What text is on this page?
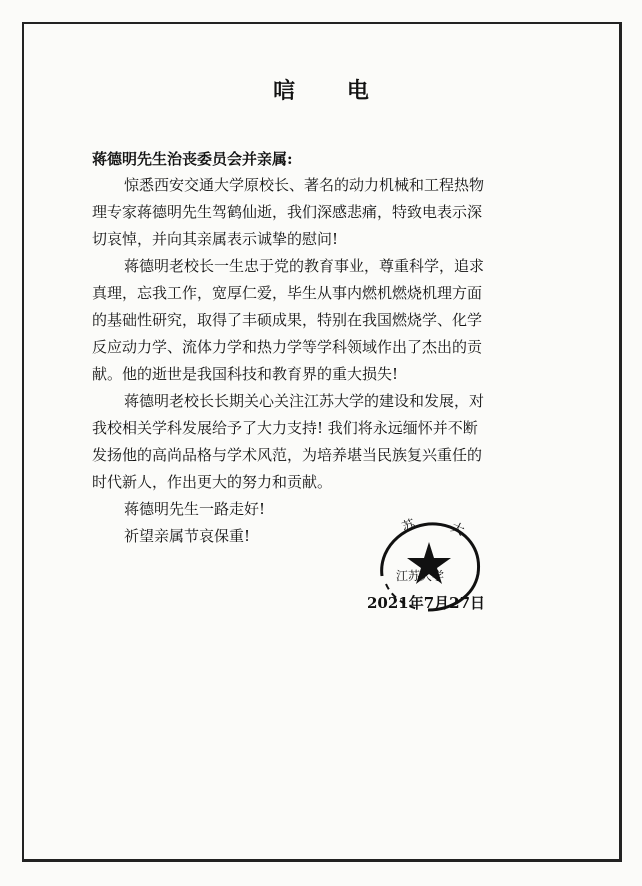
唁 电
蒋德明先生治丧委员会并亲属:
惊悉西安交通大学原校长、著名的动力机械和工程热物
理专家蒋德明先生驾鹤仙逝，我们深感悲痛，特致电表示深
切哀悼，并向其亲属表示诚挚的慰问!
蒋德明老校长一生忠于党的教育事业，尊重科学，追求
真理，忘我工作，宽厚仁爱，毕生从事内燃机燃烧机理方面
的基础性研究，取得了丰硕成果，特别在我国燃烧学、化学
反应动力学、流体力学和热力学等学科领域作出了杰出的贡
献。他的逝世是我国科技和教育界的重大损失!
蒋德明老校长长期关心关注江苏大学的建设和发展，对
我校相关学科发展给予了大力支持! 我们将永远缅怀并不断
发扬他的高尚品格与学术风范，为培养堪当民族复兴重任的
时代新人，作出更大的努力和贡献。
蒋德明先生一路走好!
祈望亲属节哀保重!
苏 大
江苏大学
2021年7月27日
